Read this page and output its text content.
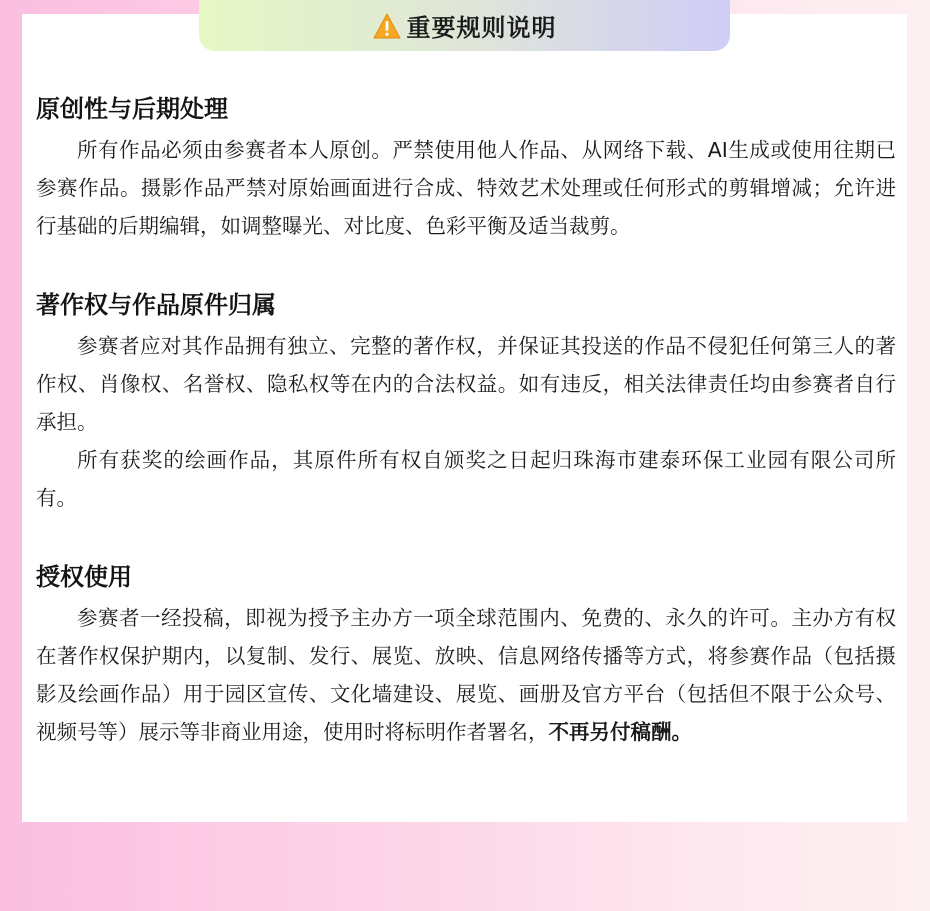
重要规则说明
原创性与后期处理

所有作品必须由参赛者本人原创。严禁使用他人作品、从网络下载、AI生成或使用往期已参赛作品。摄影作品严禁对原始画面进行合成、特效艺术处理或任何形式的剪辑增减；允许进行基础的后期编辑，如调整曝光、对比度、色彩平衡及适当裁剪。

著作权与作品原件归属

参赛者应对其作品拥有独立、完整的著作权，并保证其投送的作品不侵犯任何第三人的著作权、肖像权、名誉权、隐私权等在内的合法权益。如有违反，相关法律责任均由参赛者自行承担。

所有获奖的绘画作品，其原件所有权自颁奖之日起归珠海市建泰环保工业园有限公司所有。

授权使用

参赛者一经投稿，即视为授予主办方一项全球范围内、免费的、永久的许可。主办方有权在著作权保护期内，以复制、发行、展览、放映、信息网络传播等方式，将参赛作品（包括摄影及绘画作品）用于园区宣传、文化墙建设、展览、画册及官方平台（包括但不限于公众号、视频号等）展示等非商业用途，使用时将标明作者署名，不再另付稿酬。
